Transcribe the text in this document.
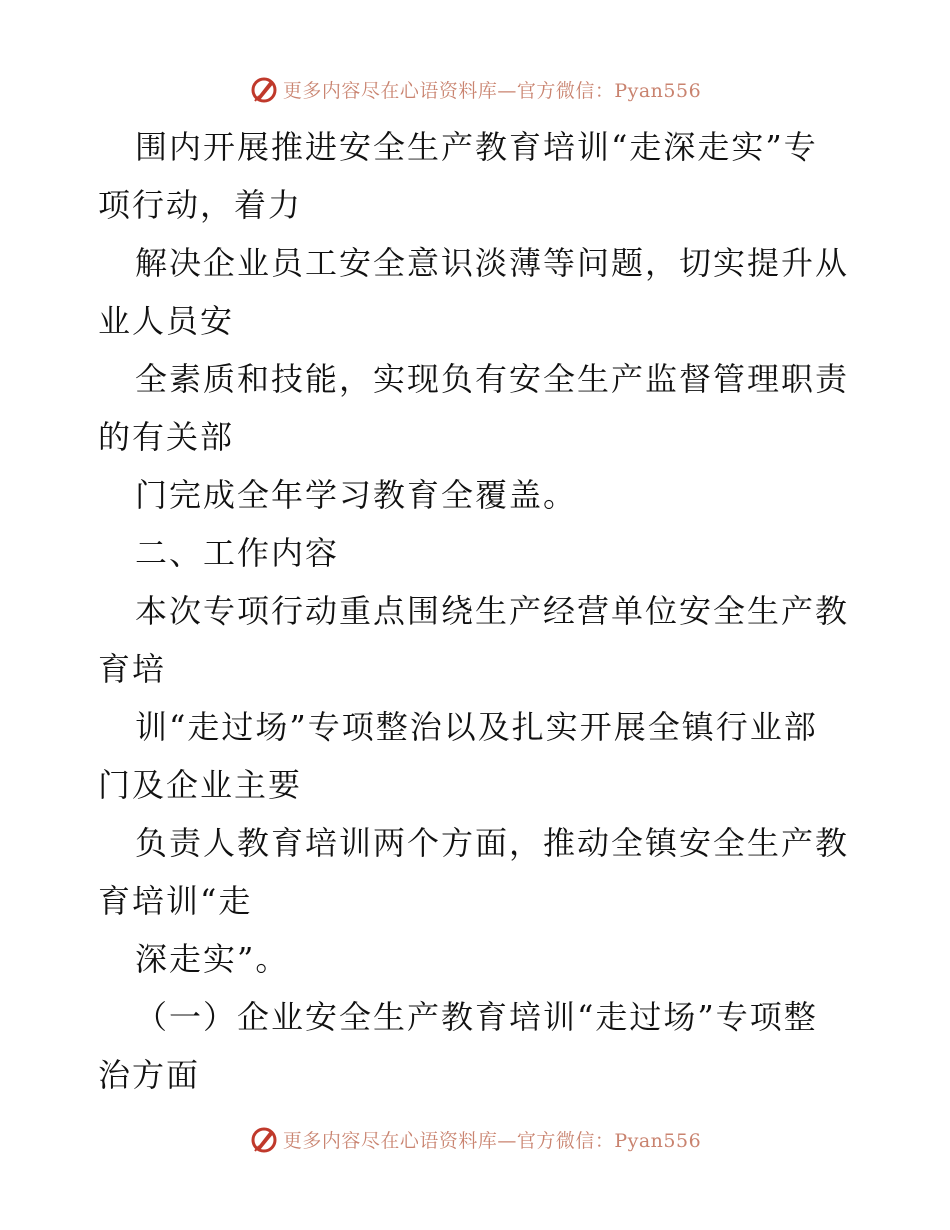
更多内容尽在心语资料库—官方微信：Pyan556
围内开展推进安全生产教育培训“走深走实”专
项行动，着力
解决企业员工安全意识淡薄等问题，切实提升从
业人员安
全素质和技能，实现负有安全生产监督管理职责
的有关部
门完成全年学习教育全覆盖。
二、工作内容
本次专项行动重点围绕生产经营单位安全生产教
育培
训“走过场”专项整治以及扎实开展全镇行业部
门及企业主要
负责人教育培训两个方面，推动全镇安全生产教
育培训“走
深走实”。
（一）企业安全生产教育培训“走过场”专项整
治方面
更多内容尽在心语资料库—官方微信：Pyan556
